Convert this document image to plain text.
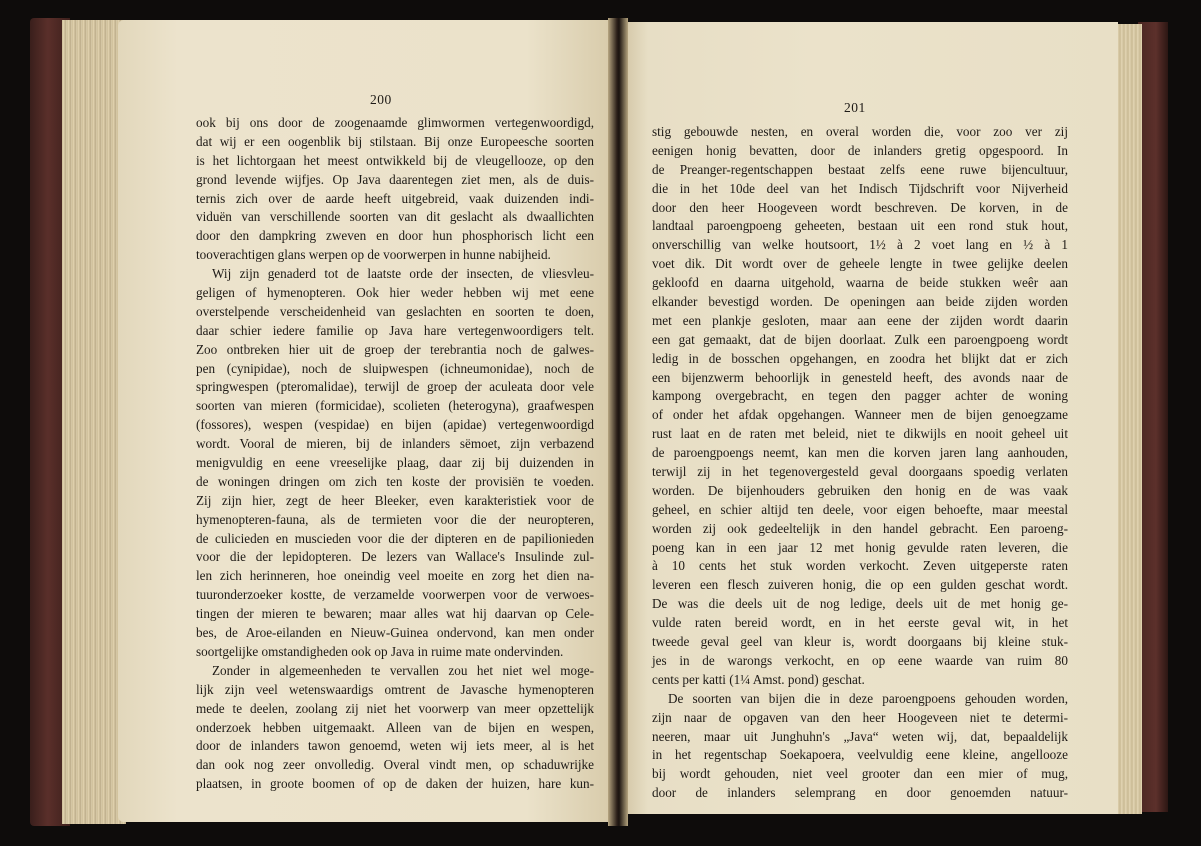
200
ook bij ons door de zoogenaamde glimwormen vertegenwoordigd,
dat wij er een oogenblik bij stilstaan. Bij onze Europeesche soorten
is het lichtorgaan het meest ontwikkeld bij de vleugellooze, op den
grond levende wijfjes. Op Java daarentegen ziet men, als de duis-
ternis zich over de aarde heeft uitgebreid, vaak duizenden indi-
viduën van verschillende soorten van dit geslacht als dwaallichten
door den dampkring zweven en door hun phosphorisch licht een
tooverachtigen glans werpen op de voorwerpen in hunne nabijheid.
Wij zijn genaderd tot de laatste orde der insecten, de vliesvleu-
geligen of hymenopteren. Ook hier weder hebben wij met eene
overstelpende verscheidenheid van geslachten en soorten te doen,
daar schier iedere familie op Java hare vertegenwoordigers telt.
Zoo ontbreken hier uit de groep der terebrantia noch de galwes-
pen (cynipidae), noch de sluipwespen (ichneumonidae), noch de
springwespen (pteromalidae), terwijl de groep der aculeata door vele
soorten van mieren (formicidae), scolieten (heterogyna), graafwespen
(fossores), wespen (vespidae) en bijen (apidae) vertegenwoordigd
wordt. Vooral de mieren, bij de inlanders sëmoet, zijn verbazend
menigvuldig en eene vreeselijke plaag, daar zij bij duizenden in
de woningen dringen om zich ten koste der provisiën te voeden.
Zij zijn hier, zegt de heer Bleeker, even karakteristiek voor de
hymenopteren-fauna, als de termieten voor die der neuropteren,
de culicieden en muscieden voor die der dipteren en de papilionieden
voor die der lepidopteren. De lezers van Wallace's Insulinde zul-
len zich herinneren, hoe oneindig veel moeite en zorg het dien na-
tuuronderzoeker kostte, de verzamelde voorwerpen voor de verwoes-
tingen der mieren te bewaren; maar alles wat hij daarvan op Cele-
bes, de Aroe-eilanden en Nieuw-Guinea ondervond, kan men onder
soortgelijke omstandigheden ook op Java in ruime mate ondervinden.
Zonder in algemeenheden te vervallen zou het niet wel moge-
lijk zijn veel wetenswaardigs omtrent de Javasche hymenopteren
mede te deelen, zoolang zij niet het voorwerp van meer opzettelijk
onderzoek hebben uitgemaakt. Alleen van de bijen en wespen,
door de inlanders tawon genoemd, weten wij iets meer, al is het
dan ook nog zeer onvolledig. Overal vindt men, op schaduwrijke
plaatsen, in groote boomen of op de daken der huizen, hare kun-
201
stig gebouwde nesten, en overal worden die, voor zoo ver zij
eenigen honig bevatten, door de inlanders gretig opgespoord. In
de Preanger-regentschappen bestaat zelfs eene ruwe bijencultuur,
die in het 10de deel van het Indisch Tijdschrift voor Nijverheid
door den heer Hoogeveen wordt beschreven. De korven, in de
landtaal paroengpoeng geheeten, bestaan uit een rond stuk hout,
onverschillig van welke houtsoort, 1½ à 2 voet lang en ½ à 1
voet dik. Dit wordt over de geheele lengte in twee gelijke deelen
gekloofd en daarna uitgehold, waarna de beide stukken weêr aan
elkander bevestigd worden. De openingen aan beide zijden worden
met een plankje gesloten, maar aan eene der zijden wordt daarin
een gat gemaakt, dat de bijen doorlaat. Zulk een paroengpoeng wordt
ledig in de bosschen opgehangen, en zoodra het blijkt dat er zich
een bijenzwerm behoorlijk in genesteld heeft, des avonds naar de
kampong overgebracht, en tegen den pagger achter de woning
of onder het afdak opgehangen. Wanneer men de bijen genoegzame
rust laat en de raten met beleid, niet te dikwijls en nooit geheel uit
de paroengpoengs neemt, kan men die korven jaren lang aanhouden,
terwijl zij in het tegenovergesteld geval doorgaans spoedig verlaten
worden. De bijenhouders gebruiken den honig en de was vaak
geheel, en schier altijd ten deele, voor eigen behoefte, maar meestal
worden zij ook gedeeltelijk in den handel gebracht. Een paroeng-
poeng kan in een jaar 12 met honig gevulde raten leveren, die
à 10 cents het stuk worden verkocht. Zeven uitgeperste raten
leveren een flesch zuiveren honig, die op een gulden geschat wordt.
De was die deels uit de nog ledige, deels uit de met honig ge-
vulde raten bereid wordt, en in het eerste geval wit, in het
tweede geval geel van kleur is, wordt doorgaans bij kleine stuk-
jes in de warongs verkocht, en op eene waarde van ruim 80
cents per katti (1¼ Amst. pond) geschat.
De soorten van bijen die in deze paroengpoens gehouden worden,
zijn naar de opgaven van den heer Hoogeveen niet te determi-
neeren, maar uit Junghuhn's „Java“ weten wij, dat, bepaaldelijk
in het regentschap Soekapoera, veelvuldig eene kleine, angellooze
bij wordt gehouden, niet veel grooter dan een mier of mug,
door de inlanders selemprang en door genoemden natuur-
